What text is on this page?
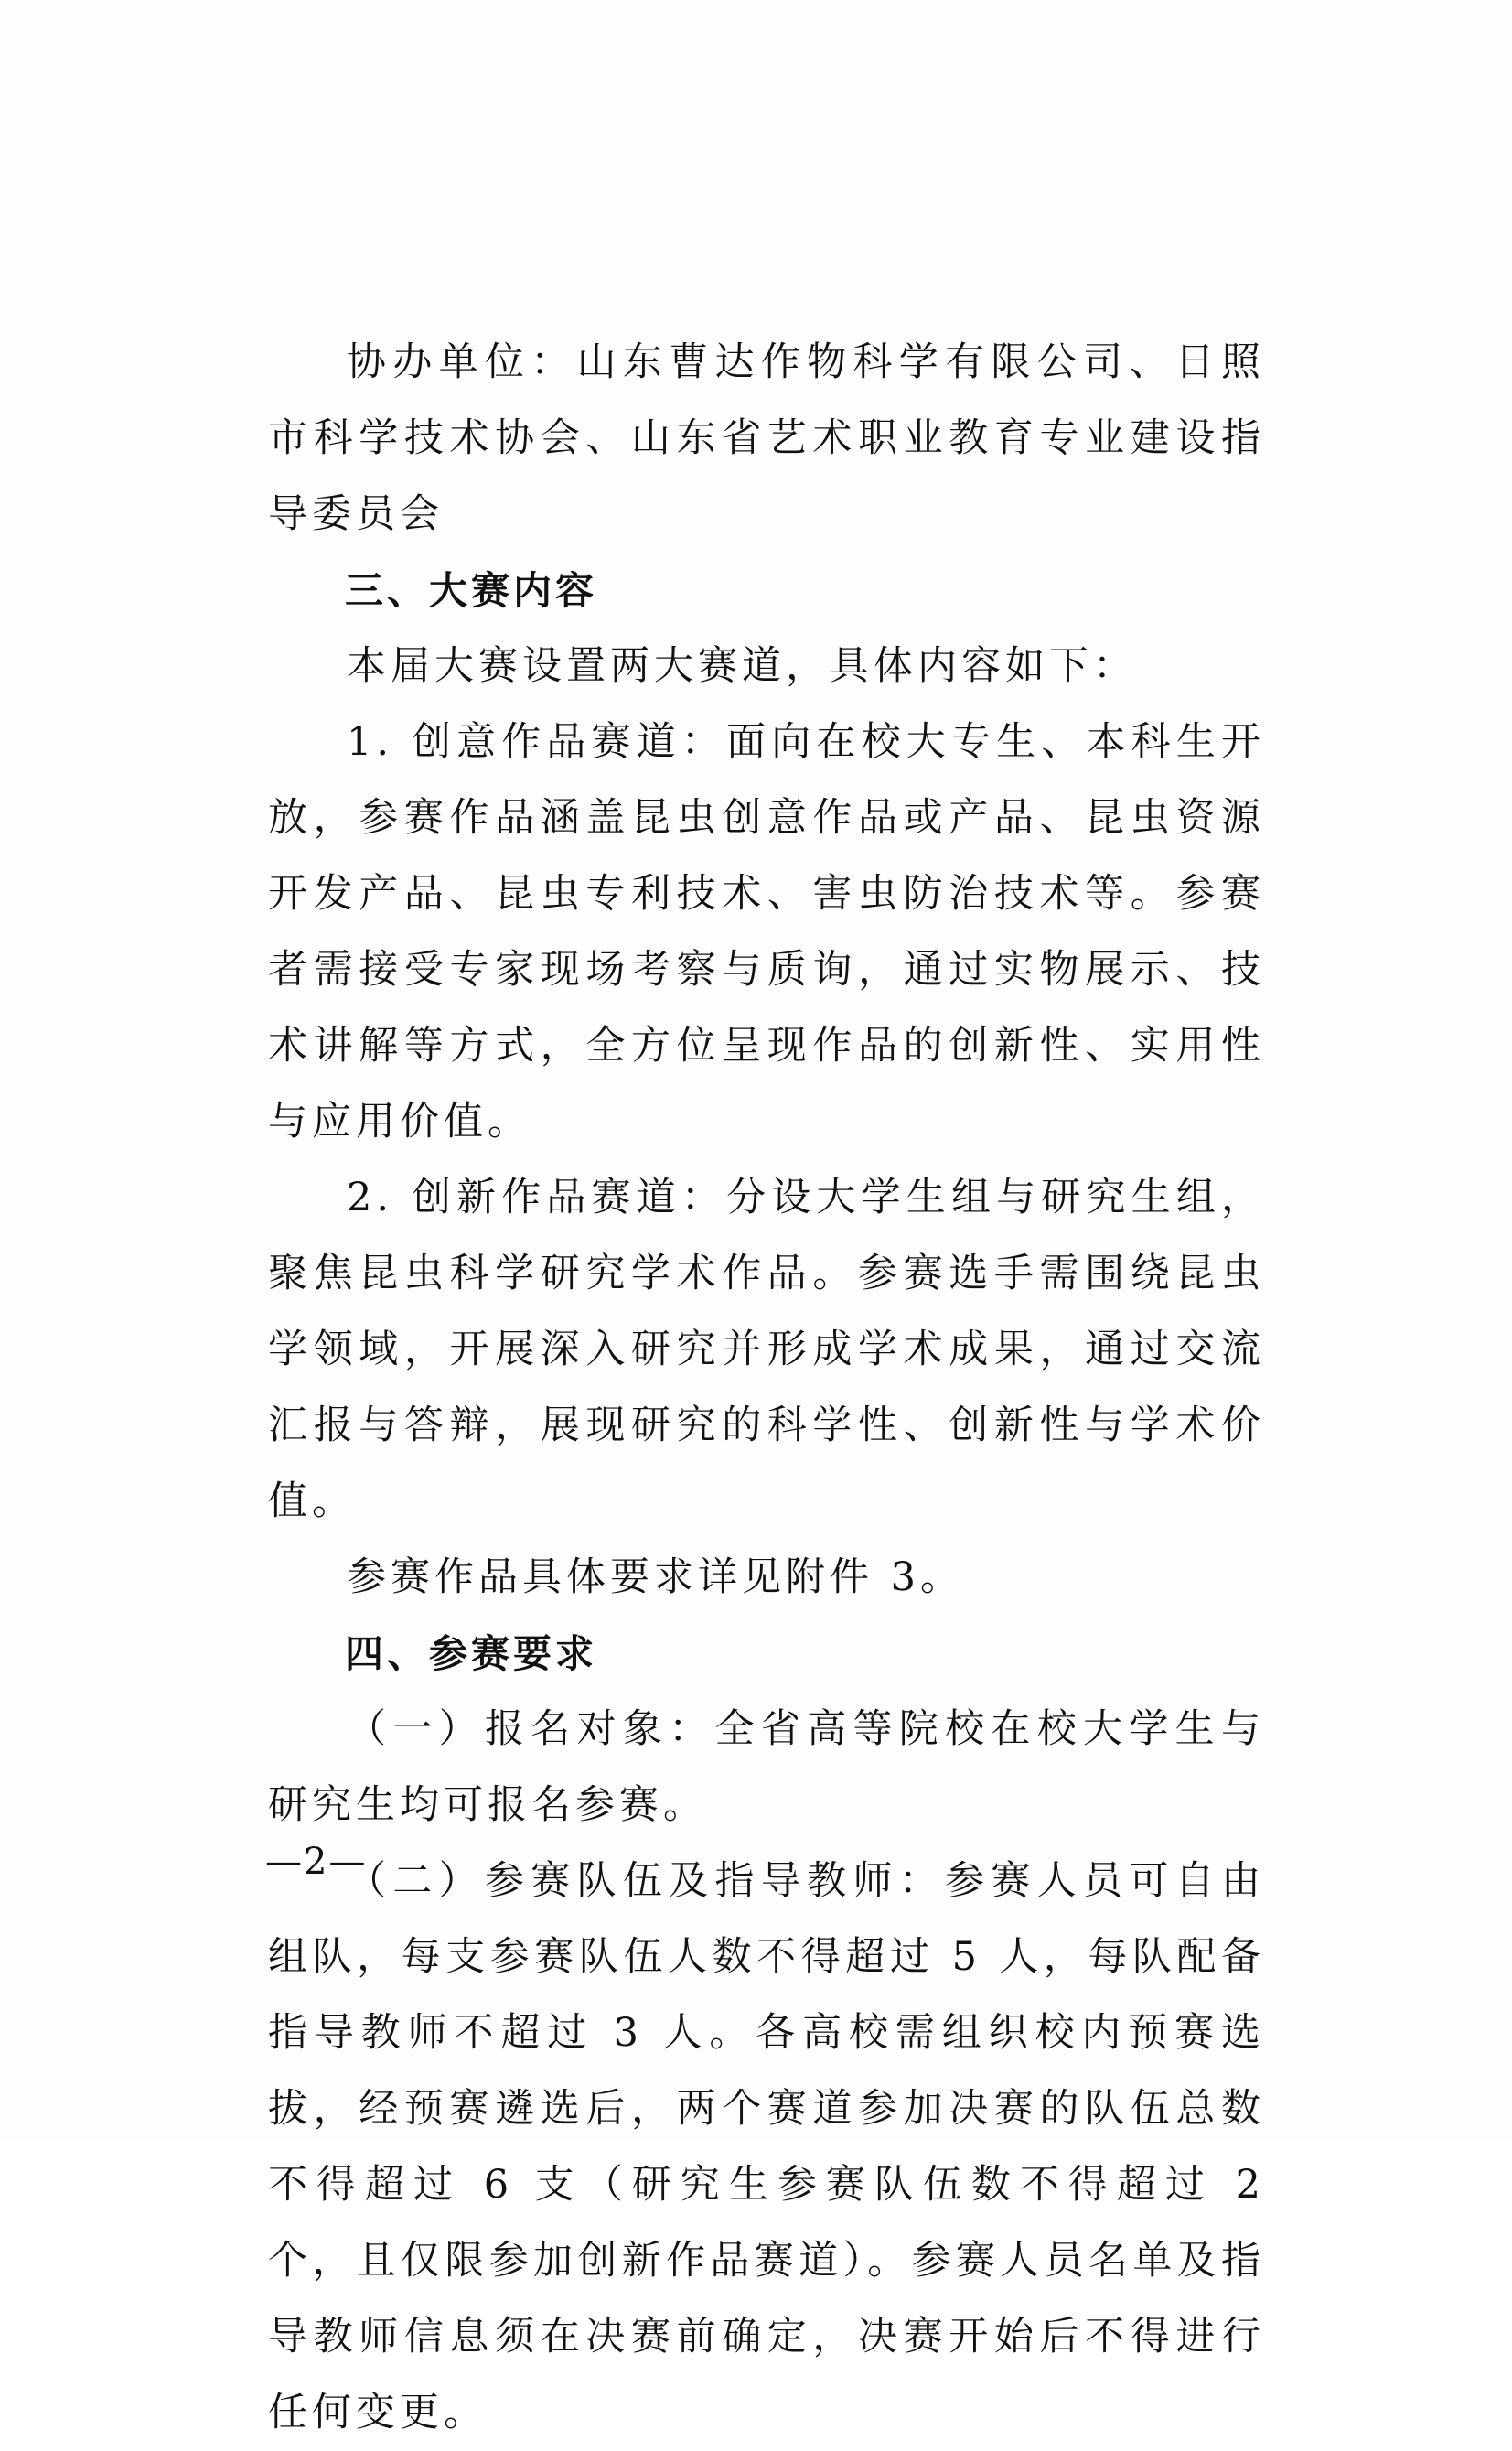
协办单位：山东曹达作物科学有限公司、日照市科学技术协会、山东省艺术职业教育专业建设指导委员会

三、大赛内容

本届大赛设置两大赛道，具体内容如下：

1. 创意作品赛道：面向在校大专生、本科生开放，参赛作品涵盖昆虫创意作品或产品、昆虫资源开发产品、昆虫专利技术、害虫防治技术等。参赛者需接受专家现场考察与质询，通过实物展示、技术讲解等方式，全方位呈现作品的创新性、实用性与应用价值。

2. 创新作品赛道：分设大学生组与研究生组，聚焦昆虫科学研究学术作品。参赛选手需围绕昆虫学领域，开展深入研究并形成学术成果，通过交流汇报与答辩，展现研究的科学性、创新性与学术价值。

参赛作品具体要求详见附件 3。

四、参赛要求

（一）报名对象：全省高等院校在校大学生与研究生均可报名参赛。

（二）参赛队伍及指导教师：参赛人员可自由组队，每支参赛队伍人数不得超过 5 人，每队配备指导教师不超过 3 人。各高校需组织校内预赛选拔，经预赛遴选后，两个赛道参加决赛的队伍总数不得超过 6 支（研究生参赛队伍数不得超过 2 个，且仅限参加创新作品赛道）。参赛人员名单及指导教师信息须在决赛前确定，决赛开始后不得进行任何变更。

—2—
